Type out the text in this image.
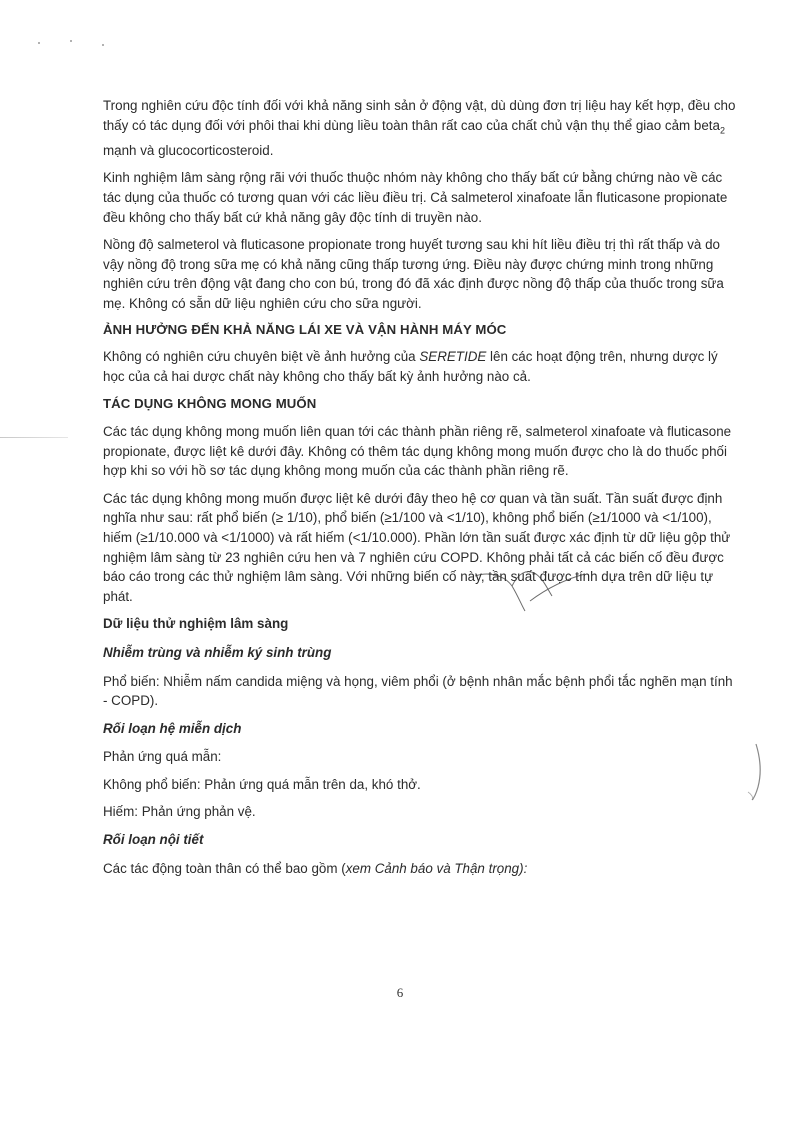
Trong nghiên cứu độc tính đối với khả năng sinh sản ở động vật, dù dùng đơn trị liệu hay kết hợp, đều cho thấy có tác dụng đối với phôi thai khi dùng liều toàn thân rất cao của chất chủ vận thụ thể giao cảm beta$_2$ mạnh và glucocorticosteroid.

Kinh nghiệm lâm sàng rộng rãi với thuốc thuộc nhóm này không cho thấy bất cứ bằng chứng nào về các tác dụng của thuốc có tương quan với các liều điều trị. Cả salmeterol xinafoate lẫn fluticasone propionate đều không cho thấy bất cứ khả năng gây độc tính di truyền nào.

Nồng độ salmeterol và fluticasone propionate trong huyết tương sau khi hít liều điều trị thì rất thấp và do vậy nồng độ trong sữa mẹ có khả năng cũng thấp tương ứng. Điều này được chứng minh trong những nghiên cứu trên động vật đang cho con bú, trong đó đã xác định được nồng độ thấp của thuốc trong sữa mẹ. Không có sẵn dữ liệu nghiên cứu cho sữa người.

ẢNH HƯỞNG ĐẾN KHẢ NĂNG LÁI XE VÀ VẬN HÀNH MÁY MÓC

Không có nghiên cứu chuyên biệt về ảnh hưởng của SERETIDE lên các hoạt động trên, nhưng dược lý học của cả hai dược chất này không cho thấy bất kỳ ảnh hưởng nào cả.

TÁC DỤNG KHÔNG MONG MUỐN

Các tác dụng không mong muốn liên quan tới các thành phần riêng rẽ, salmeterol xinafoate và fluticasone propionate, được liệt kê dưới đây. Không có thêm tác dụng không mong muốn được cho là do thuốc phối hợp khi so với hồ sơ tác dụng không mong muốn của các thành phần riêng rẽ.

Các tác dụng không mong muốn được liệt kê dưới đây theo hệ cơ quan và tần suất. Tần suất được định nghĩa như sau: rất phổ biến (≥ 1/10), phổ biến (≥1/100 và <1/10), không phổ biến (≥1/1000 và <1/100), hiếm (≥1/10.000 và <1/1000) và rất hiếm (<1/10.000). Phần lớn tần suất được xác định từ dữ liệu gộp thử nghiệm lâm sàng từ 23 nghiên cứu hen và 7 nghiên cứu COPD. Không phải tất cả các biến cố đều được báo cáo trong các thử nghiệm lâm sàng. Với những biến cố này, tần suất được tính dựa trên dữ liệu tự phát.

Dữ liệu thử nghiệm lâm sàng
Nhiễm trùng và nhiễm ký sinh trùng

Phổ biến: Nhiễm nấm candida miệng và họng, viêm phổi (ở bệnh nhân mắc bệnh phổi tắc nghẽn mạn tính - COPD).

Rối loạn hệ miễn dịch

Phản ứng quá mẫn:

Không phổ biến: Phản ứng quá mẫn trên da, khó thở.

Hiếm: Phản ứng phản vệ.

Rối loạn nội tiết

Các tác động toàn thân có thể bao gồm (xem Cảnh báo và Thận trọng):

6
